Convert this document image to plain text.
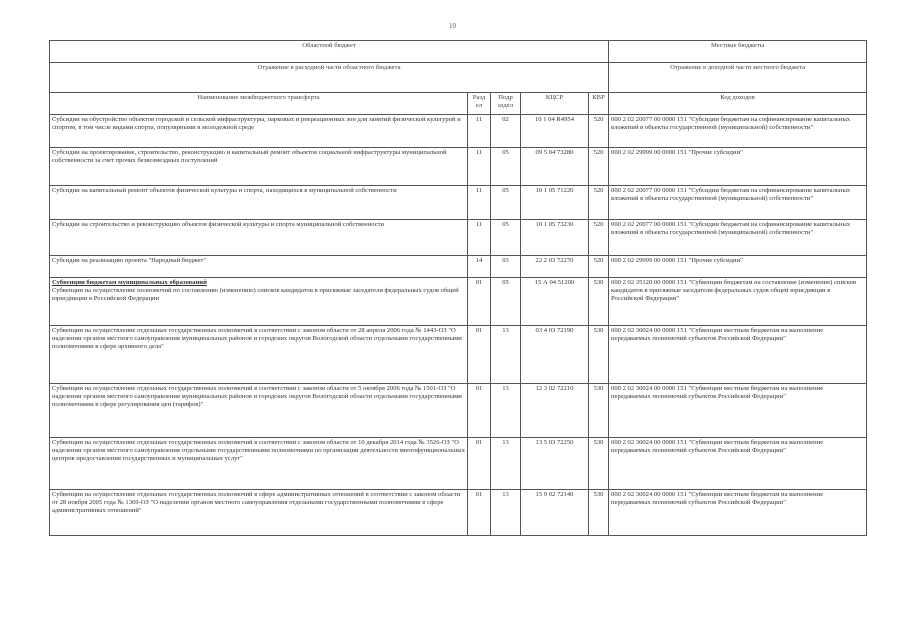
10
Областной бюджет					Местные бюджеты
Отражение в расходной части областного бюджета					Отражение в доходной части местного бюджета
Наименование межбюджетного трансферта	Разд ел	Подр аздел	КЦСР	КВР	Код доходов
Субсидии на обустройство объектов городской и сельской инфраструктуры, парковых и рекреационных зон для занятий физической культурой и спортом, в том числе видами спорта, популярными в молодежной среде	11	02	10 1 04 R4954	520	000 2 02 20077 00 0000 151 "Субсидии бюджетам на софинансирование капитальных вложений в объекты государственной (муниципальной) собственности"
Субсидии на проектирование, строительство, реконструкцию и капитальный ремонт объектов социальной инфраструктуры муниципальной собственности за счет прочих безвозмездных поступлений	11	05	09 5 04 73280	520	000 2 02 29999 00 0000 151 "Прочие субсидии"
Субсидии на капитальный ремонт объектов физической культуры и спорта, находящихся в муниципальной собственности	11	05	10 1 05 71220	520	000 2 02 20077 00 0000 151 "Субсидии бюджетам на софинансирование капитальных вложений в объекты государственной (муниципальной) собственности"
Субсидии на строительство и реконструкцию объектов физической культуры и спорта муниципальной собственности	11	05	10 1 05 73230	520	000 2 02 20077 00 0000 151 "Субсидии бюджетам на софинансирование капитальных вложений в объекты государственной (муниципальной) собственности"
Субсидии на реализацию проекта "Народный бюджет"	14	03	22 2 03 72270	520	000 2 02 29999 00 0000 151 "Прочие субсидии"

Субвенции бюджетам муниципальных образований
Субвенции на осуществление полномочий по составлению (изменению) списков кандидатов в присяжные заседатели федеральных судов общей юрисдикции в Российской Федерации	01	05	15 А 04 51200	530	000 2 02 35120 00 0000 151 "Субвенции бюджетам на составление (изменение) списков кандидатов в присяжные заседатели федеральных судов общей юрисдикции в Российской Федерации"
Субвенции на осуществление отдельных государственных полномочий в соответствии с законом области от 28 апреля 2006 года № 1443-ОЗ "О наделении органов местного самоуправления муниципальных районов и городских округов Вологодской области отдельными государственными полномочиями в сфере архивного дела"	01	13	03 4 03 72190	530	000 2 02 30024 00 0000 151 "Субвенции местным бюджетам на выполнение передаваемых полномочий субъектов Российской Федерации"
Субвенции на осуществление отдельных государственных полномочий в соответствии с законом области от 5 октября 2006 года № 1501-ОЗ "О наделении органов местного самоуправления муниципальных районов и городских округов Вологодской области отдельными государственными полномочиями в сфере регулирования цен (тарифов)"	01	13	12 3 02 72210	530	000 2 02 30024 00 0000 151 "Субвенции местным бюджетам на выполнение передаваемых полномочий субъектов Российской Федерации"
Субвенции на осуществление отдельных государственных полномочий в соответствии с законом области от 10 декабря 2014 года № 3526-ОЗ "О наделении органов местного самоуправления отдельными государственными полномочиями по организации деятельности многофункциональных центров предоставления государственных и муниципальных услуг"	01	13	13 5 03 72250	530	000 2 02 30024 00 0000 151 "Субвенции местным бюджетам на выполнение передаваемых полномочий субъектов Российской Федерации"
Субвенции на осуществление отдельных государственных полномочий в сфере административных отношений в соответствии с законом области от 28 ноября 2005 года № 1369-ОЗ "О наделении органов местного самоуправления отдельными государственными полномочиями в сфере административных отношений"	01	13	15 9 02 72140	530	000 2 02 30024 00 0000 151 "Субвенции местным бюджетам на выполнение передаваемых полномочий субъектов Российской Федерации"
